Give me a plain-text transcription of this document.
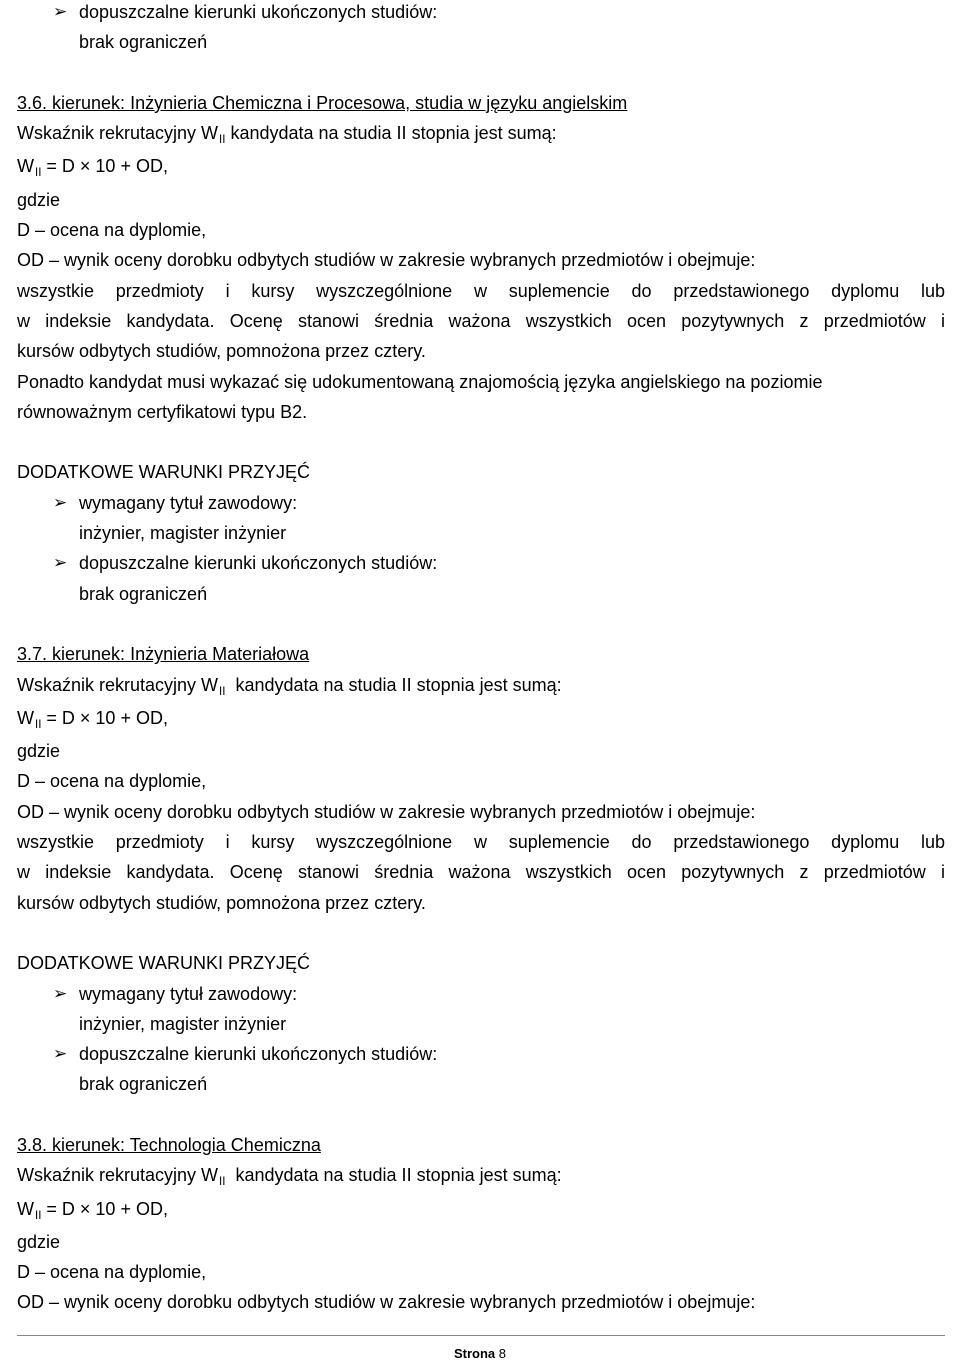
➢ dopuszczalne kierunki ukończonych studiów:
brak ograniczeń
3.6. kierunek: Inżynieria Chemiczna i Procesowa, studia w języku angielskim
Wskaźnik rekrutacyjny $W_{II}$ kandydata na studia II stopnia jest sumą:
$W_{II} = D \times 10$ + OD,
gdzie
D – ocena na dyplomie,
OD – wynik oceny dorobku odbytych studiów w zakresie wybranych przedmiotów i obejmuje:
wszystkie przedmioty i kursy wyszczególnione w suplemencie do przedstawionego dyplomu lub
w indeksie kandydata. Ocenę stanowi średnia ważona wszystkich ocen pozytywnych z przedmiotów i
kursów odbytych studiów, pomnożona przez cztery.
Ponadto kandydat musi wykazać się udokumentowaną znajomością języka angielskiego na poziomie
równoważnym certyfikatowi typu B2.
DODATKOWE WARUNKI PRZYJĘĆ
➢ wymagany tytuł zawodowy:
inżynier, magister inżynier
➢ dopuszczalne kierunki ukończonych studiów:
brak ograniczeń
3.7. kierunek: Inżynieria Materiałowa
Wskaźnik rekrutacyjny $W_{II}$  kandydata na studia II stopnia jest sumą:
$W_{II} = D \times 10$ + OD,
gdzie
D – ocena na dyplomie,
OD – wynik oceny dorobku odbytych studiów w zakresie wybranych przedmiotów i obejmuje:
wszystkie przedmioty i kursy wyszczególnione w suplemencie do przedstawionego dyplomu lub
w indeksie kandydata. Ocenę stanowi średnia ważona wszystkich ocen pozytywnych z przedmiotów i
kursów odbytych studiów, pomnożona przez cztery.
DODATKOWE WARUNKI PRZYJĘĆ
➢ wymagany tytuł zawodowy:
inżynier, magister inżynier
➢ dopuszczalne kierunki ukończonych studiów:
brak ograniczeń
3.8. kierunek: Technologia Chemiczna
Wskaźnik rekrutacyjny $W_{II}$  kandydata na studia II stopnia jest sumą:
$W_{II} = D \times 10$ + OD,
gdzie
D – ocena na dyplomie,
OD – wynik oceny dorobku odbytych studiów w zakresie wybranych przedmiotów i obejmuje:
Strona 8
